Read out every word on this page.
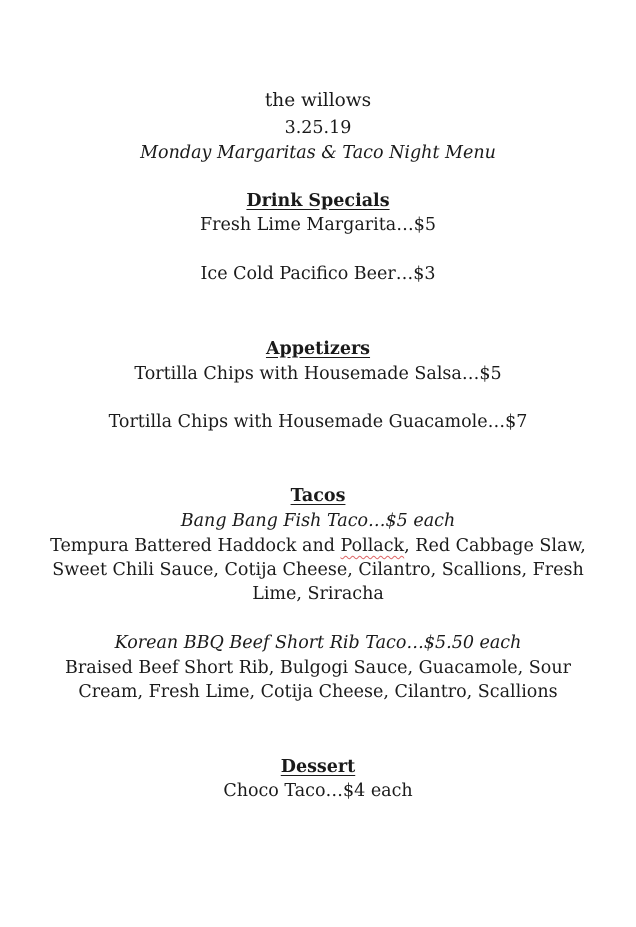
the willows
3.25.19
Monday Margaritas & Taco Night Menu
Drink Specials
Fresh Lime Margarita…$5
Ice Cold Pacifico Beer…$3
Appetizers
Tortilla Chips with Housemade Salsa…$5
Tortilla Chips with Housemade Guacamole…$7
Tacos
Bang Bang Fish Taco…$5 each
Tempura Battered Haddock and Pollack, Red Cabbage Slaw,
Sweet Chili Sauce, Cotija Cheese, Cilantro, Scallions, Fresh
Lime, Sriracha
Korean BBQ Beef Short Rib Taco…$5.50 each
Braised Beef Short Rib, Bulgogi Sauce, Guacamole, Sour
Cream, Fresh Lime, Cotija Cheese, Cilantro, Scallions
Dessert
Choco Taco…$4 each
